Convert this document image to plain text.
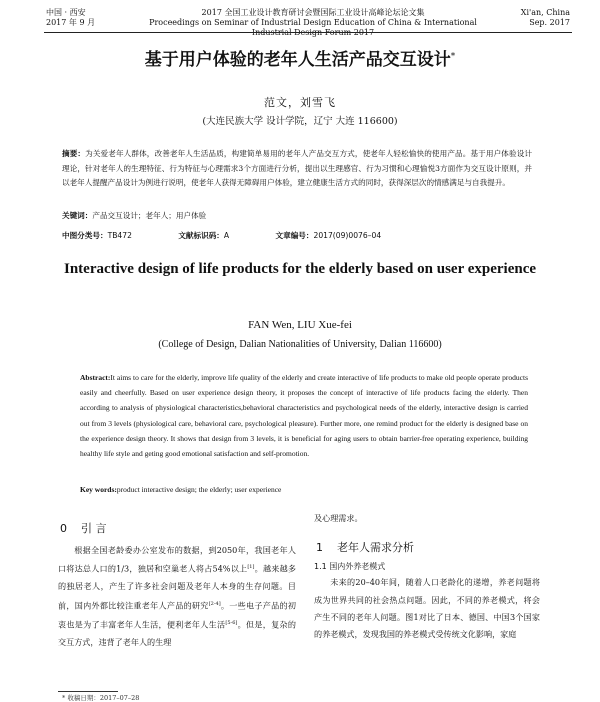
中国 · 西安
2017 年 9 月
2017 全国工业设计教育研讨会暨国际工业设计高峰论坛论文集
Proceedings on Seminar of Industrial Design Education of China & International Industrial Design Forum 2017
Xi'an, China
Sep. 2017
基于用户体验的老年人生活产品交互设计*
范文，刘雪飞
(大连民族大学 设计学院，辽宁 大连 116600)
摘要：为关爱老年人群体，改善老年人生活品质，构建简单易用的老年人产品交互方式，使老年人轻松愉快的使用产品。基于用户体验设计理论，针对老年人的生理特征、行为特征与心理需求3个方面进行分析，提出以生理感官、行为习惯和心理愉悦3方面作为交互设计原则，并以老年人提醒产品设计为例进行说明，使老年人获得无障碍用户体验，建立健康生活方式的同时，获得深层次的情感满足与自我提升。
关键词：产品交互设计；老年人；用户体验
中图分类号：TB472	文献标识码：A	文章编号：2017(09)0076–04
Interactive design of life products for the elderly based on user experience
FAN Wen, LIU Xue-fei
(College of Design, Dalian Nationalities of University, Dalian 116600)
Abstract:It aims to care for the elderly, improve life quality of the elderly and create interactive of life products to make old people operate products easily and cheerfully. Based on user experience design theory, it proposes the concept of interactive of life products facing the elderly. Then according to analysis of physiological characteristics,behavioral characteristics and psychological needs of the elderly, interactive design is carried out from 3 levels (physiological care, behavioral care, psychological pleasure). Further more, one remind product for the elderly is designed base on the experience design theory. It shows that design from 3 levels, it is beneficial for aging users to obtain barrier-free operating experience, building healthy life style and geting good emotional satisfaction and self-promotion.
Key words:product interactive design; the elderly; user experience
0 引 言

根据全国老龄委办公室发布的数据，到2050年，我国老年人口将达总人口的1/3，独居和空巢老人将占54%以上[1]。越来越多的独居老人，产生了许多社会问题及老年人本身的生存问题。目前，国内外都比较注重老年人产品的研究[2-4]。一些电子产品的初衷也是为了丰富老年人生活，便利老年人生活[5-6]。但是，复杂的交互方式，违背了老年人的生理

及心理需求。

1 老年人需求分析
1.1 国内外养老模式

未来的20–40年间，随着人口老龄化的递增，养老问题将成为世界共同的社会热点问题。因此，不同的养老模式，将会产生不同的老年人问题。图1对比了日本、德国、中国3个国家的养老模式，发现我国的养老模式受传统文化影响，家庭

* 收稿日期：2017–07–28
